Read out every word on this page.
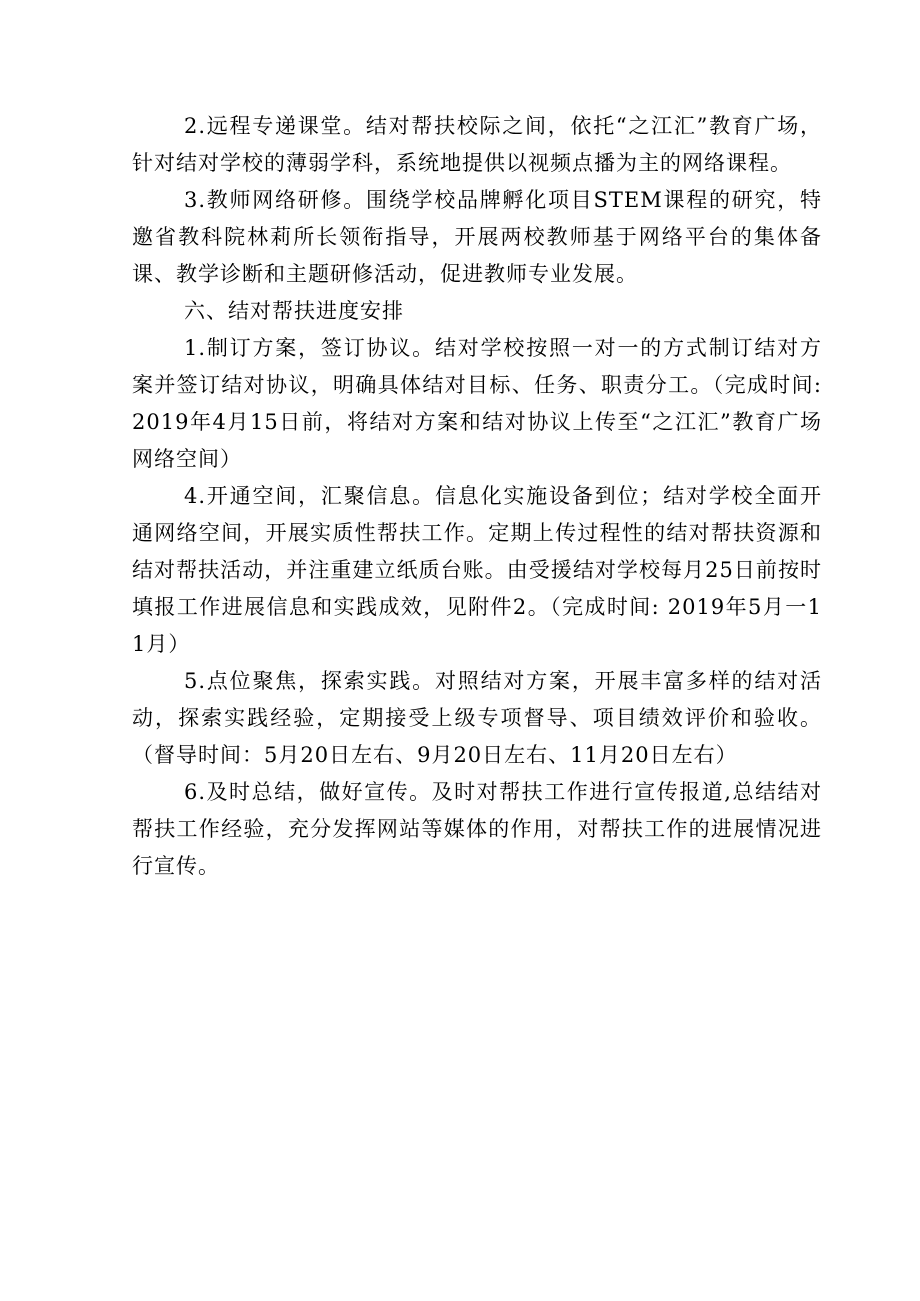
2.远程专递课堂。结对帮扶校际之间，依托“之江汇”教育广场，针对结对学校的薄弱学科，系统地提供以视频点播为主的网络课程。

3.教师网络研修。围绕学校品牌孵化项目STEM课程的研究，特邀省教科院林莉所长领衔指导，开展两校教师基于网络平台的集体备课、教学诊断和主题研修活动，促进教师专业发展。

六、结对帮扶进度安排

1.制订方案，签订协议。结对学校按照一对一的方式制订结对方案并签订结对协议，明确具体结对目标、任务、职责分工。（完成时间: 2019年4月15日前，将结对方案和结对协议上传至“之江汇”教育广场网络空间）

4.开通空间，汇聚信息。信息化实施设备到位；结对学校全面开通网络空间，开展实质性帮扶工作。定期上传过程性的结对帮扶资源和结对帮扶活动，并注重建立纸质台账。由受援结对学校每月25日前按时填报工作进展信息和实践成效，见附件2。（完成时间: 2019年5月一11月）

5.点位聚焦，探索实践。对照结对方案，开展丰富多样的结对活动，探索实践经验，定期接受上级专项督导、项目绩效评价和验收。（督导时间：5月20日左右、9月20日左右、11月20日左右）

6.及时总结，做好宣传。及时对帮扶工作进行宣传报道,总结结对帮扶工作经验，充分发挥网站等媒体的作用，对帮扶工作的进展情况进行宣传。
